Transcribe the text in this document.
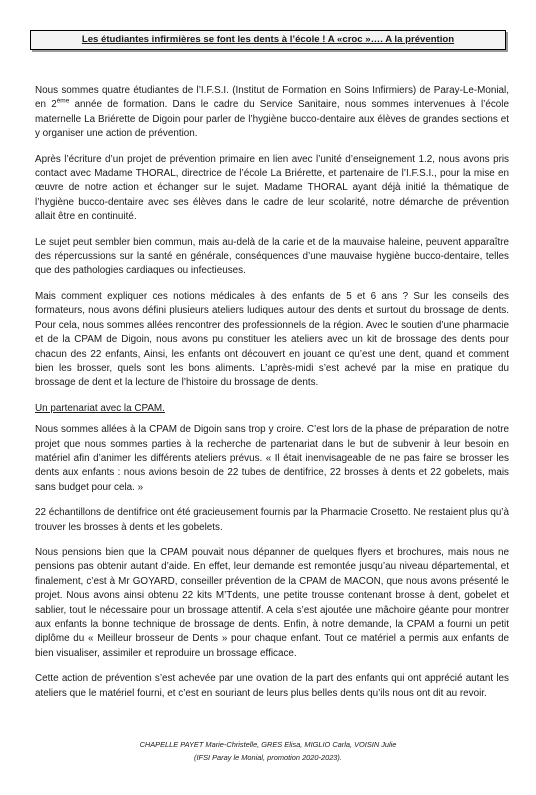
Les étudiantes infirmières se font les dents à l’école ! A «croc »…. A la prévention

Nous sommes quatre étudiantes de l’I.F.S.I. (Institut de Formation en Soins Infirmiers) de Paray-Le-Monial, en 2ème année de formation. Dans le cadre du Service Sanitaire, nous sommes intervenues à l’école maternelle La Briérette de Digoin pour parler de l’hygiène bucco-dentaire aux élèves de grandes sections et y organiser une action de prévention.

Après l’écriture d’un projet de prévention primaire en lien avec l’unité d’enseignement 1.2, nous avons pris contact avec Madame THORAL, directrice de l’école La Briérette, et partenaire de l’I.F.S.I., pour la mise en œuvre de notre action et échanger sur le sujet. Madame THORAL ayant déjà initié la thématique de l’hygiène bucco-dentaire avec ses élèves dans le cadre de leur scolarité, notre démarche de prévention allait être en continuité.

Le sujet peut sembler bien commun, mais au-delà de la carie et de la mauvaise haleine, peuvent apparaître des répercussions sur la santé en générale, conséquences d’une mauvaise hygiène bucco-dentaire, telles que des pathologies cardiaques ou infectieuses.

Mais comment expliquer ces notions médicales à des enfants de 5 et 6 ans ? Sur les conseils des formateurs, nous avons défini plusieurs ateliers ludiques autour des dents et surtout du brossage de dents. Pour cela, nous sommes allées rencontrer des professionnels de la région. Avec le soutien d’une pharmacie et de la CPAM de Digoin, nous avons pu constituer les ateliers avec un kit de brossage des dents pour chacun des 22 enfants, Ainsi, les enfants ont découvert en jouant ce qu’est une dent, quand et comment bien les brosser, quels sont les bons aliments. L’après-midi s’est achevé par la mise en pratique du brossage de dent et la lecture de l’histoire du brossage de dents.

Un partenariat avec la CPAM.

Nous sommes allées à la CPAM de Digoin sans trop y croire. C’est lors de la phase de préparation de notre projet que nous sommes parties à la recherche de partenariat dans le but de subvenir à leur besoin en matériel afin d’animer les différents ateliers prévus. « Il était inenvisageable de ne pas faire se brosser les dents aux enfants : nous avions besoin de 22 tubes de dentifrice, 22 brosses à dents et 22 gobelets, mais sans budget pour cela. »

22 échantillons de dentifrice ont été gracieusement fournis par la Pharmacie Crosetto. Ne restaient plus qu’à trouver les brosses à dents et les gobelets.

Nous pensions bien que la CPAM pouvait nous dépanner de quelques flyers et brochures, mais nous ne pensions pas obtenir autant d’aide. En effet, leur demande est remontée jusqu’au niveau départemental, et finalement, c’est à Mr GOYARD, conseiller prévention de la CPAM de MACON, que nous avons présenté le projet. Nous avons ainsi obtenu 22 kits M’Tdents, une petite trousse contenant brosse à dent, gobelet et sablier, tout le nécessaire pour un brossage attentif. A cela s’est ajoutée une mâchoire géante pour montrer aux enfants la bonne technique de brossage de dents. Enfin, à notre demande, la CPAM a fourni un petit diplôme du « Meilleur brosseur de Dents » pour chaque enfant. Tout ce matériel a permis aux enfants de bien visualiser, assimiler et reproduire un brossage efficace.

Cette action de prévention s’est achevée par une ovation de la part des enfants qui ont apprécié autant les ateliers que le matériel fourni, et c’est en souriant de leurs plus belles dents qu’ils nous ont dit au revoir.

CHAPELLE PAYET Marie-Christelle, GRES Elisa, MIGLIO Carla, VOISIN Julie
(IFSI Paray le Monial, promotion 2020-2023).
